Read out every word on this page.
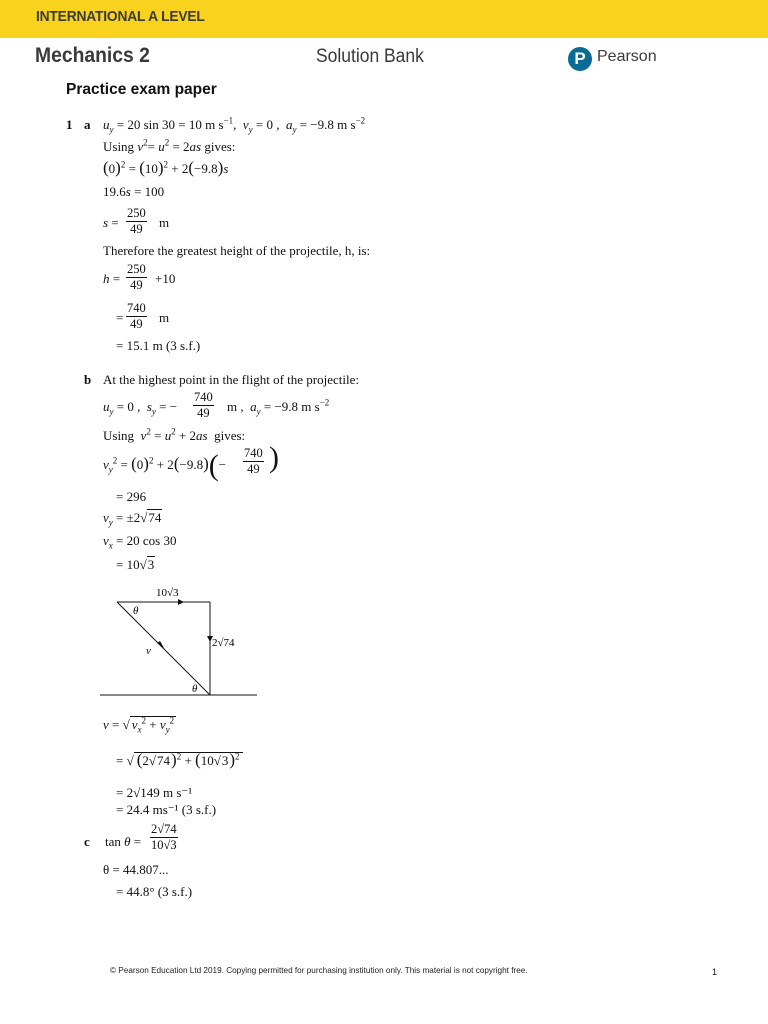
INTERNATIONAL A LEVEL
Mechanics 2	Solution Bank	P Pearson
Practice exam paper
1 a $u_y = 20$ sin 30 = 10 m $s^{-1}$,  $v_y = 0$ ,  $a_y = -9.8$ m $s^{-2}$
Using $v^2= u^2 = 2as$ gives:
$(0)^2 = (10)^2 + 2(-9.8)s$
19.6s = 100
$s = \frac{250}{49}$ m
Therefore the greatest height of the projectile, h, is:
$h = \frac{250}{49} +10$
= $\frac{740}{49}$ m
= 15.1 m (3 s.f.)
b At the highest point in the flight of the projectile:
$u_y = 0$ ,  $s_y$ = − $\frac{740}{49}$ m ,  $a_y = -9.8$ m $s^{-2}$
Using  $v^2 = u^2 + 2as$  gives:
$v_y^2 = (0)^2 + 2(-9.8)(- \frac{740}{49}$ )
= 296
$v_y = \pm 2√74$
$v_x = 20$ cos 30
= 10√3
10√3
2√74
v
θ
θ
v = √ $v_x^2 + v_y^2$
= √ $(2√74)^2 + (10√3)^2$
= 2√149 m s⁻¹
= 24.4 ms⁻¹ (3 s.f.)
c $\tan \theta = \frac{2√74}{10√3}$
θ = 44.807...
= 44.8° (3 s.f.)
© Pearson Education Ltd 2019. Copying permitted for purchasing institution only. This material is not copyright free.	1
